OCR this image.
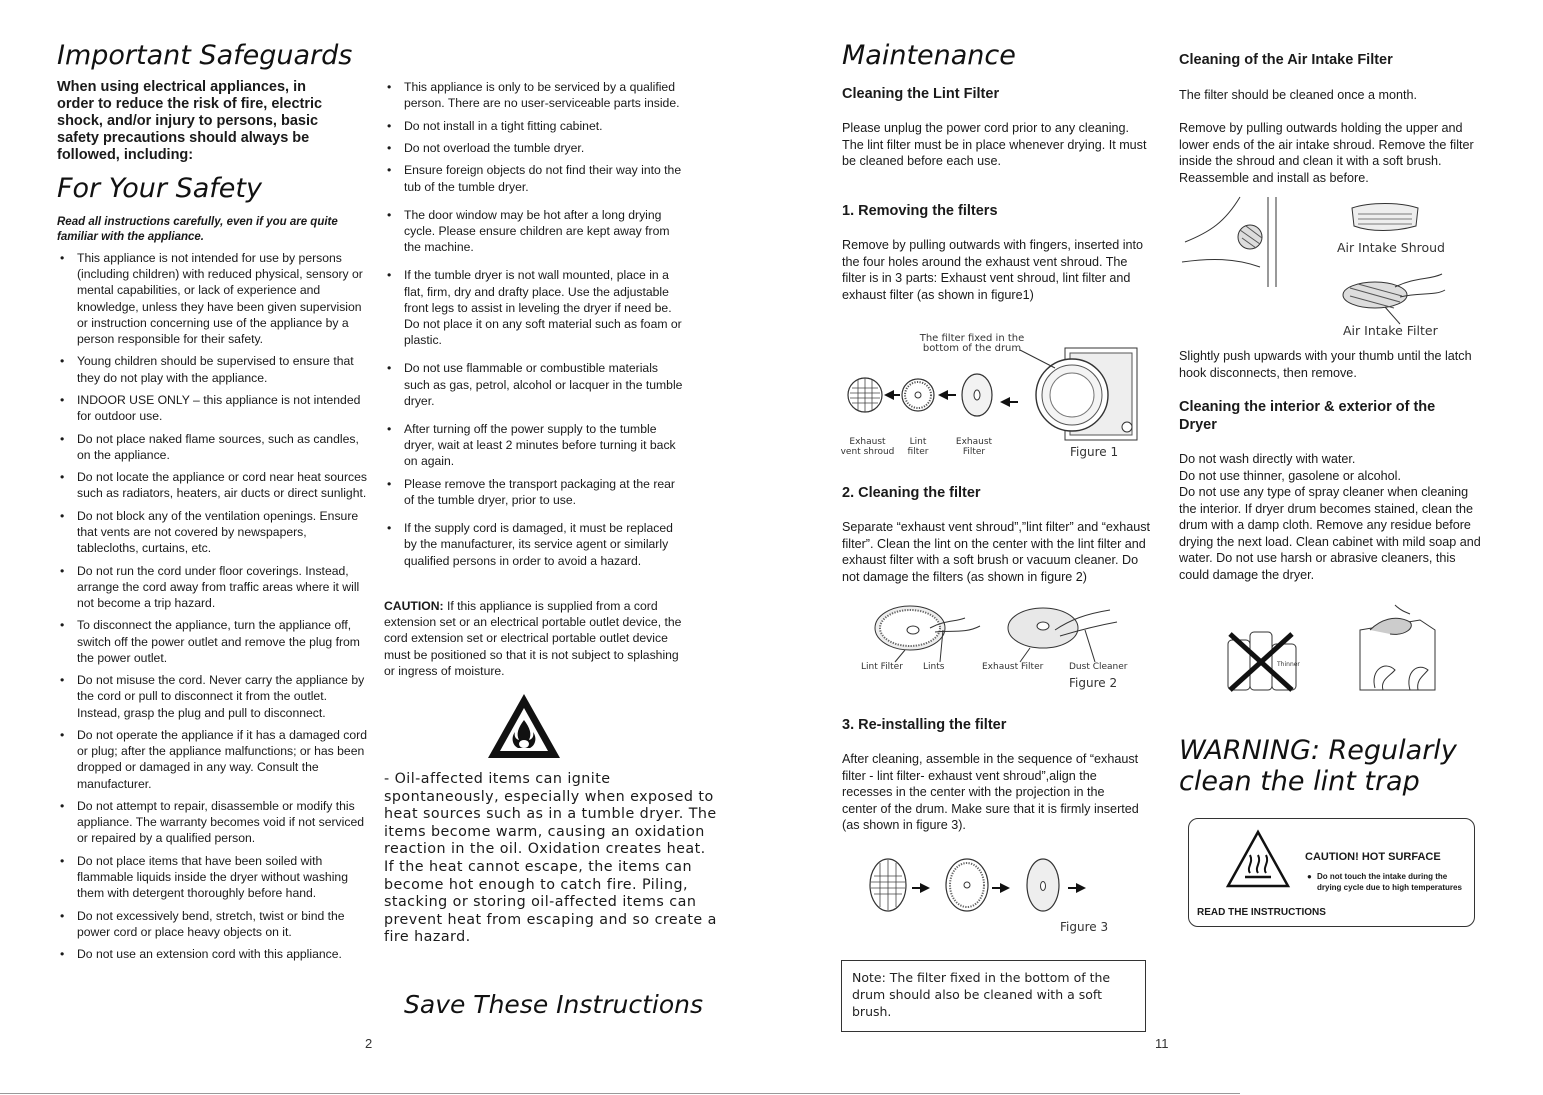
Important Safeguards

When using electrical appliances, in order to reduce the risk of fire, electric shock, and/or injury to persons, basic safety precautions should always be followed, including:

For Your Safety

Read all instructions carefully, even if you are quite familiar with the appliance.

• This appliance is not intended for use by persons (including children) with reduced physical, sensory or mental capabilities, or lack of experience and knowledge, unless they have been given supervision or instruction concerning use of the appliance by a person responsible for their safety.
• Young children should be supervised to ensure that they do not play with the appliance.
• INDOOR USE ONLY – this appliance is not intended for outdoor use.
• Do not place naked flame sources, such as candles, on the appliance.
• Do not locate the appliance or cord near heat sources such as radiators, heaters, air ducts or direct sunlight.
• Do not block any of the ventilation openings. Ensure that vents are not covered by newspapers, tablecloths, curtains, etc.
• Do not run the cord under floor coverings. Instead, arrange the cord away from traffic areas where it will not become a trip hazard.
• To disconnect the appliance, turn the appliance off, switch off the power outlet and remove the plug from the power outlet.
• Do not misuse the cord. Never carry the appliance by the cord or pull to disconnect it from the outlet. Instead, grasp the plug and pull to disconnect.
• Do not operate the appliance if it has a damaged cord or plug; after the appliance malfunctions; or has been dropped or damaged in any way. Consult the manufacturer.
• Do not attempt to repair, disassemble or modify this appliance. The warranty becomes void if not serviced or repaired by a qualified person.
• Do not place items that have been soiled with flammable liquids inside the dryer without washing them with detergent thoroughly before hand.
• Do not excessively bend, stretch, twist or bind the power cord or place heavy objects on it.
• Do not use an extension cord with this appliance.
• This appliance is only to be serviced by a qualified person. There are no user-serviceable parts inside.
• Do not install in a tight fitting cabinet.
• Do not overload the tumble dryer.
• Ensure foreign objects do not find their way into the tub of the tumble dryer.
• The door window may be hot after a long drying cycle. Please ensure children are kept away from the machine.
• If the tumble dryer is not wall mounted, place in a flat, firm, dry and drafty place. Use the adjustable front legs to assist in leveling the dryer if need be. Do not place it on any soft material such as foam or plastic.
• Do not use flammable or combustible materials such as gas, petrol, alcohol or lacquer in the tumble dryer.
• After turning off the power supply to the tumble dryer, wait at least 2 minutes before turning it back on again.
• Please remove the transport packaging at the rear of the tumble dryer, prior to use.
• If the supply cord is damaged, it must be replaced by the manufacturer, its service agent or similarly qualified persons in order to avoid a hazard.

CAUTION: If this appliance is supplied from a cord extension set or an electrical portable outlet device, the cord extension set or electrical portable outlet device must be positioned so that it is not subject to splashing or ingress of moisture.

- Oil-affected items can ignite spontaneously, especially when exposed to heat sources such as in a tumble dryer. The items become warm, causing an oxidation reaction in the oil. Oxidation creates heat. If the heat cannot escape, the items can become hot enough to catch fire. Piling, stacking or storing oil-affected items can prevent heat from escaping and so create a fire hazard.

Save These Instructions
2
Maintenance
Cleaning the Lint Filter

Please unplug the power cord prior to any cleaning. The lint filter must be in place whenever drying. It must be cleaned before each use.

1. Removing the filters

Remove by pulling outwards with fingers, inserted into the four holes around the exhaust vent shroud. The filter is in 3 parts: Exhaust vent shroud, lint filter and exhaust filter (as shown in figure1)

The filter fixed in the bottom of the drum
Exhaust vent shroud
Lint filter
Exhaust Filter	Figure 1
2. Cleaning the filter

Separate “exhaust vent shroud”,”lint filter” and “exhaust filter”. Clean the lint on the center with the lint filter and exhaust filter with a soft brush or vacuum cleaner. Do not damage the filters (as shown in figure 2)

Lint Filter Lints	Exhaust Filter	Dust Cleaner
Figure 2
3. Re-installing the filter

After cleaning, assemble in the sequence of “exhaust filter - lint filter- exhaust vent shroud”,align the recesses in the center with the projection in the center of the drum. Make sure that it is firmly inserted (as shown in figure 3).

Figure 3

Note: The filter fixed in the bottom of the drum should also be cleaned with a soft brush.

11
Cleaning of the Air Intake Filter

The filter should be cleaned once a month.

Remove by pulling outwards holding the upper and lower ends of the air intake shroud. Remove the filter inside the shroud and clean it with a soft brush. Reassemble and install as before.

Air Intake Shroud
Air Intake Filter

Slightly push upwards with your thumb until the latch hook disconnects, then remove.

Cleaning the interior & exterior of the Dryer
Do not wash directly with water.
Do not use thinner, gasolene or alcohol.
Do not use any type of spray cleaner when cleaning the interior. If dryer drum becomes stained, clean the drum with a damp cloth. Remove any residue before drying the next load. Clean cabinet with mild soap and water. Do not use harsh or abrasive cleaners, this could damage the dryer.
Thinner
WARNING: Regularly clean the lint trap
CAUTION! HOT SURFACE
● Do not touch the intake during the drying cycle due to high temperatures
READ THE INSTRUCTIONS
